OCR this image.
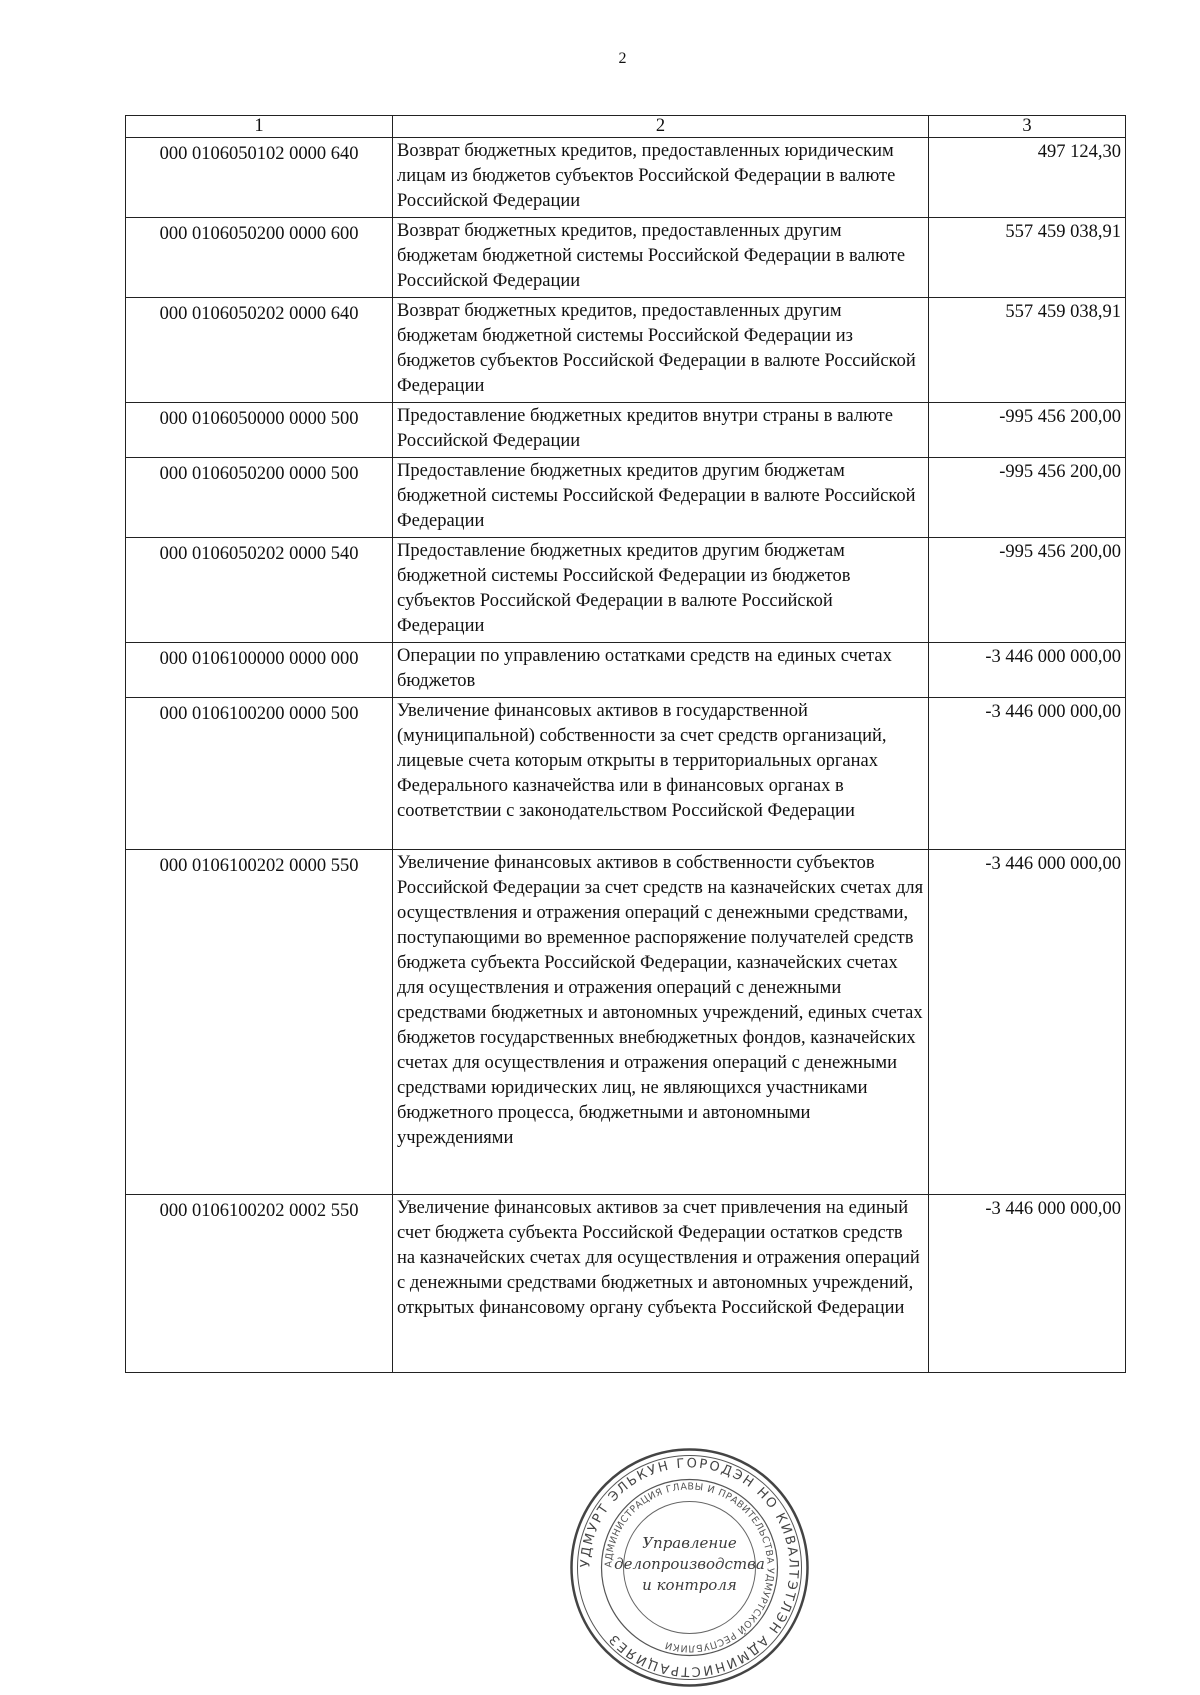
2
1	2	3
000 0106050102 0000 640	Возврат бюджетных кредитов, предоставленных юридическим лицам из бюджетов субъектов Российской Федерации в валюте Российской Федерации	497 124,30
000 0106050200 0000 600	Возврат бюджетных кредитов, предоставленных другим бюджетам бюджетной системы Российской Федерации в валюте Российской Федерации	557 459 038,91
000 0106050202 0000 640	Возврат бюджетных кредитов, предоставленных другим бюджетам бюджетной системы Российской Федерации из бюджетов субъектов Российской Федерации в валюте Российской Федерации	557 459 038,91
000 0106050000 0000 500	Предоставление бюджетных кредитов внутри страны в валюте Российской Федерации	-995 456 200,00
000 0106050200 0000 500	Предоставление бюджетных кредитов другим бюджетам бюджетной системы Российской Федерации в валюте Российской Федерации	-995 456 200,00
000 0106050202 0000 540	Предоставление бюджетных кредитов другим бюджетам бюджетной системы Российской Федерации из бюджетов субъектов Российской Федерации в валюте Российской Федерации	-995 456 200,00
000 0106100000 0000 000	Операции по управлению остатками средств на единых счетах бюджетов	-3 446 000 000,00
000 0106100200 0000 500	Увеличение финансовых активов в государственной (муниципальной) собственности за счет средств организаций, лицевые счета которым открыты в территориальных органах Федерального казначейства или в финансовых органах в соответствии с законодательством Российской Федерации	-3 446 000 000,00
000 0106100202 0000 550	Увеличение финансовых активов в собственности субъектов Российской Федерации за счет средств на казначейских счетах для осуществления и отражения операций с денежными средствами, поступающими во временное распоряжение получателей средств бюджета субъекта Российской Федерации, казначейских счетах для осуществления и отражения операций с денежными средствами бюджетных и автономных учреждений, единых счетах бюджетов государственных внебюджетных фондов, казначейских счетах для осуществления и отражения операций с денежными средствами юридических лиц, не являющихся участниками бюджетного процесса, бюджетными и автономными учреждениями	-3 446 000 000,00
000 0106100202 0002 550	Увеличение финансовых активов за счет привлечения на единый счет бюджета субъекта Российской Федерации остатков средств на казначейских счетах для осуществления и отражения операций с денежными средствами бюджетных и автономных учреждений, открытых финансовому органу субъекта Российской Федерации	-3 446 000 000,00
УДМУРТ ЭЛЬКУН ГОРОДЭН НО КИВАЛТЭТЛЭН АДМИНИСТРАЦИЯЕЗ
АДМИНИСТРАЦИЯ ГЛАВЫ И ПРАВИТЕЛЬСТВА УДМУРТСКОЙ РЕСПУБЛИКИ
Управление
делопроизводства
и контроля
